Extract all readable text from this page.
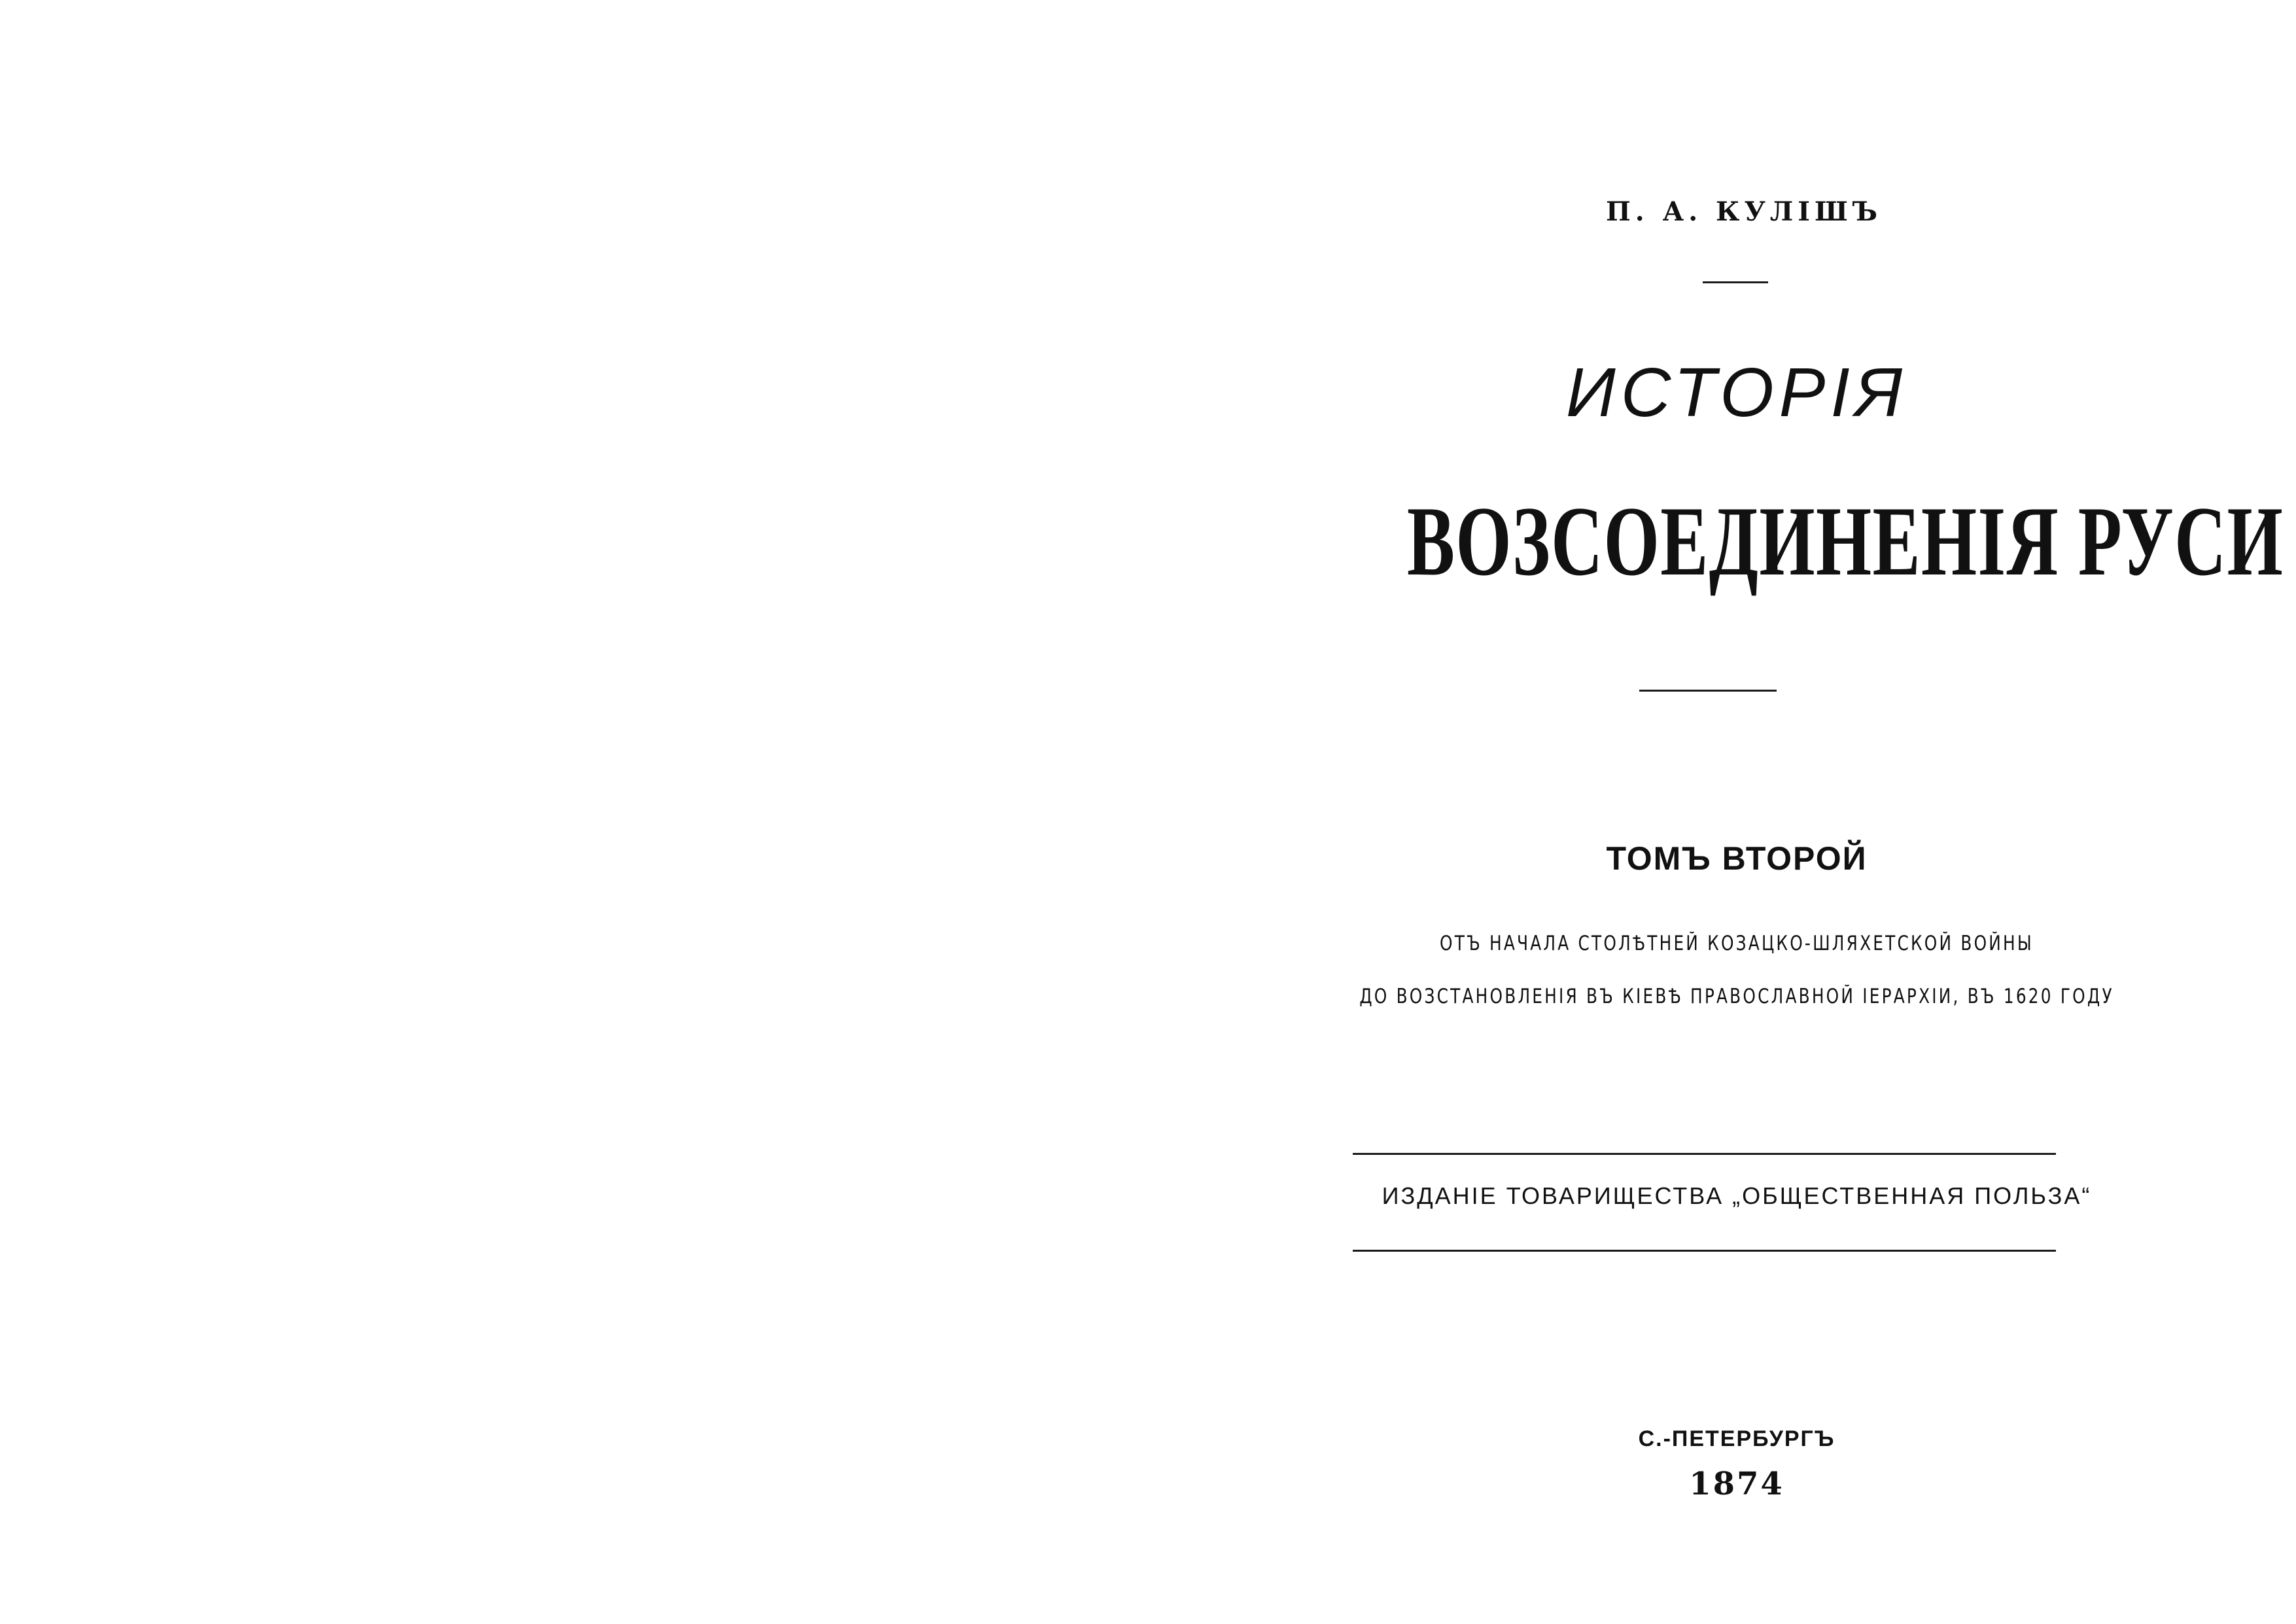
П. А. КУЛІШЪ
ИСТОРІЯ
ВОЗСОЕДИНЕНІЯ РУСИ
ТОМЪ ВТОРОЙ
ОТЪ НАЧАЛА СТОЛѢТНЕЙ КОЗАЦКО-ШЛЯХЕТСКОЙ ВОЙНЫ
ДО ВОЗСТАНОВЛЕНІЯ ВЪ КІЕВѢ ПРАВОСЛАВНОЙ ІЕРАРХІИ, ВЪ 1620 ГОДУ
ИЗДАНІЕ ТОВАРИЩЕСТВА „ОБЩЕСТВЕННАЯ ПОЛЬЗА“
С.-ПЕТЕРБУРГЪ
1874
